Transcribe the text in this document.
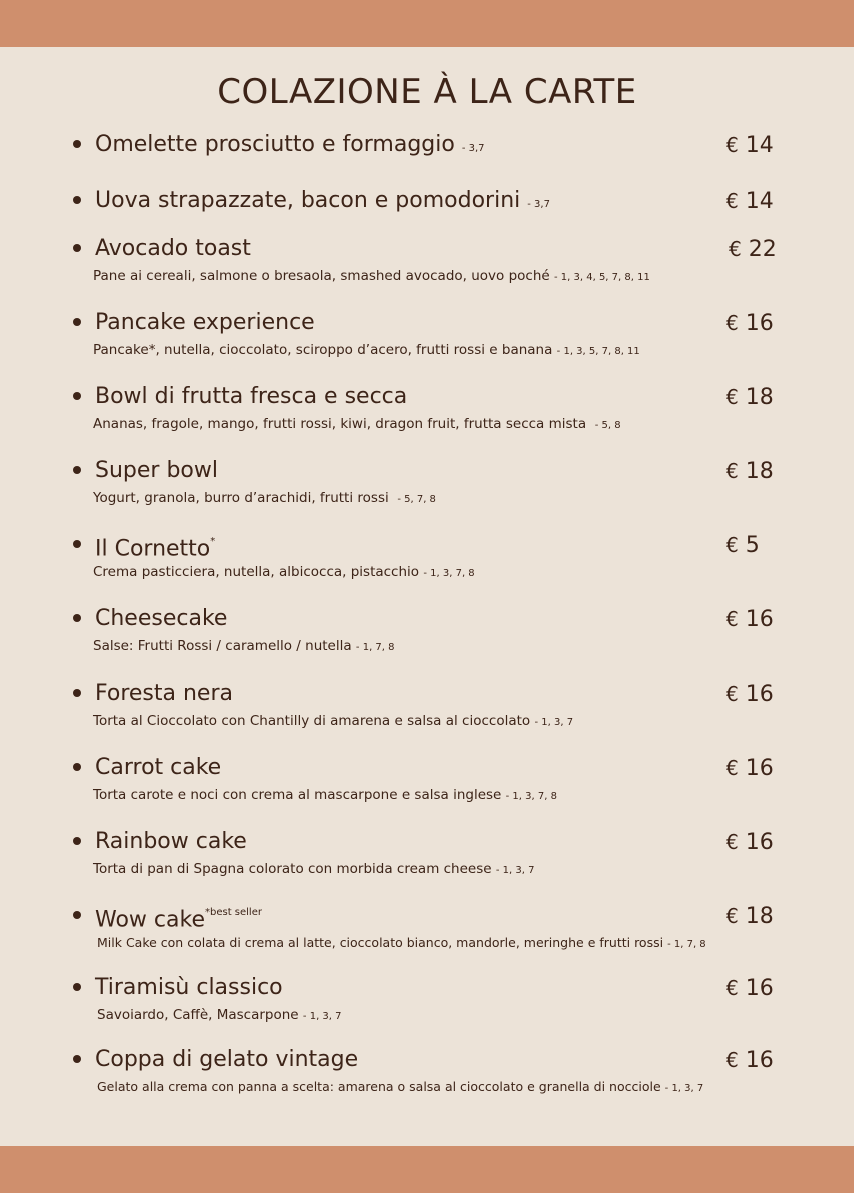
COLAZIONE À LA CARTE
Omelette prosciutto e formaggio - 3,7	€ 14
Uova strapazzate, bacon e pomodorini - 3,7	€ 14
Avocado toast	€ 22
Pane ai cereali, salmone o bresaola, smashed avocado, uovo poché - 1, 3, 4, 5, 7, 8, 11
Pancake experience	€ 16
Pancake*, nutella, cioccolato, sciroppo d’acero, frutti rossi e banana - 1, 3, 5, 7, 8, 11
Bowl di frutta fresca e secca	€ 18
Ananas, fragole, mango, frutti rossi, kiwi, dragon fruit, frutta secca mista - 5, 8
Super bowl	€ 18
Yogurt, granola, burro d’arachidi, frutti rossi - 5, 7, 8
Il Cornetto*	€ 5
Crema pasticciera, nutella, albicocca, pistacchio - 1, 3, 7, 8
Cheesecake	€ 16
Salse: Frutti Rossi / caramello / nutella - 1, 7, 8
Foresta nera	€ 16
Torta al Cioccolato con Chantilly di amarena e salsa al cioccolato - 1, 3, 7
Carrot cake	€ 16
Torta carote e noci con crema al mascarpone e salsa inglese - 1, 3, 7, 8
Rainbow cake	€ 16
Torta di pan di Spagna colorato con morbida cream cheese - 1, 3, 7
Wow cake$^{*best seller}$	€ 18
Milk Cake con colata di crema al latte, cioccolato bianco, mandorle, meringhe e frutti rossi - 1, 7, 8
Tiramisù classico	€ 16
Savoiardo, Caffè, Mascarpone - 1, 3, 7
Coppa di gelato vintage	€ 16
Gelato alla crema con panna a scelta: amarena o salsa al cioccolato e granella di nocciole - 1, 3, 7
